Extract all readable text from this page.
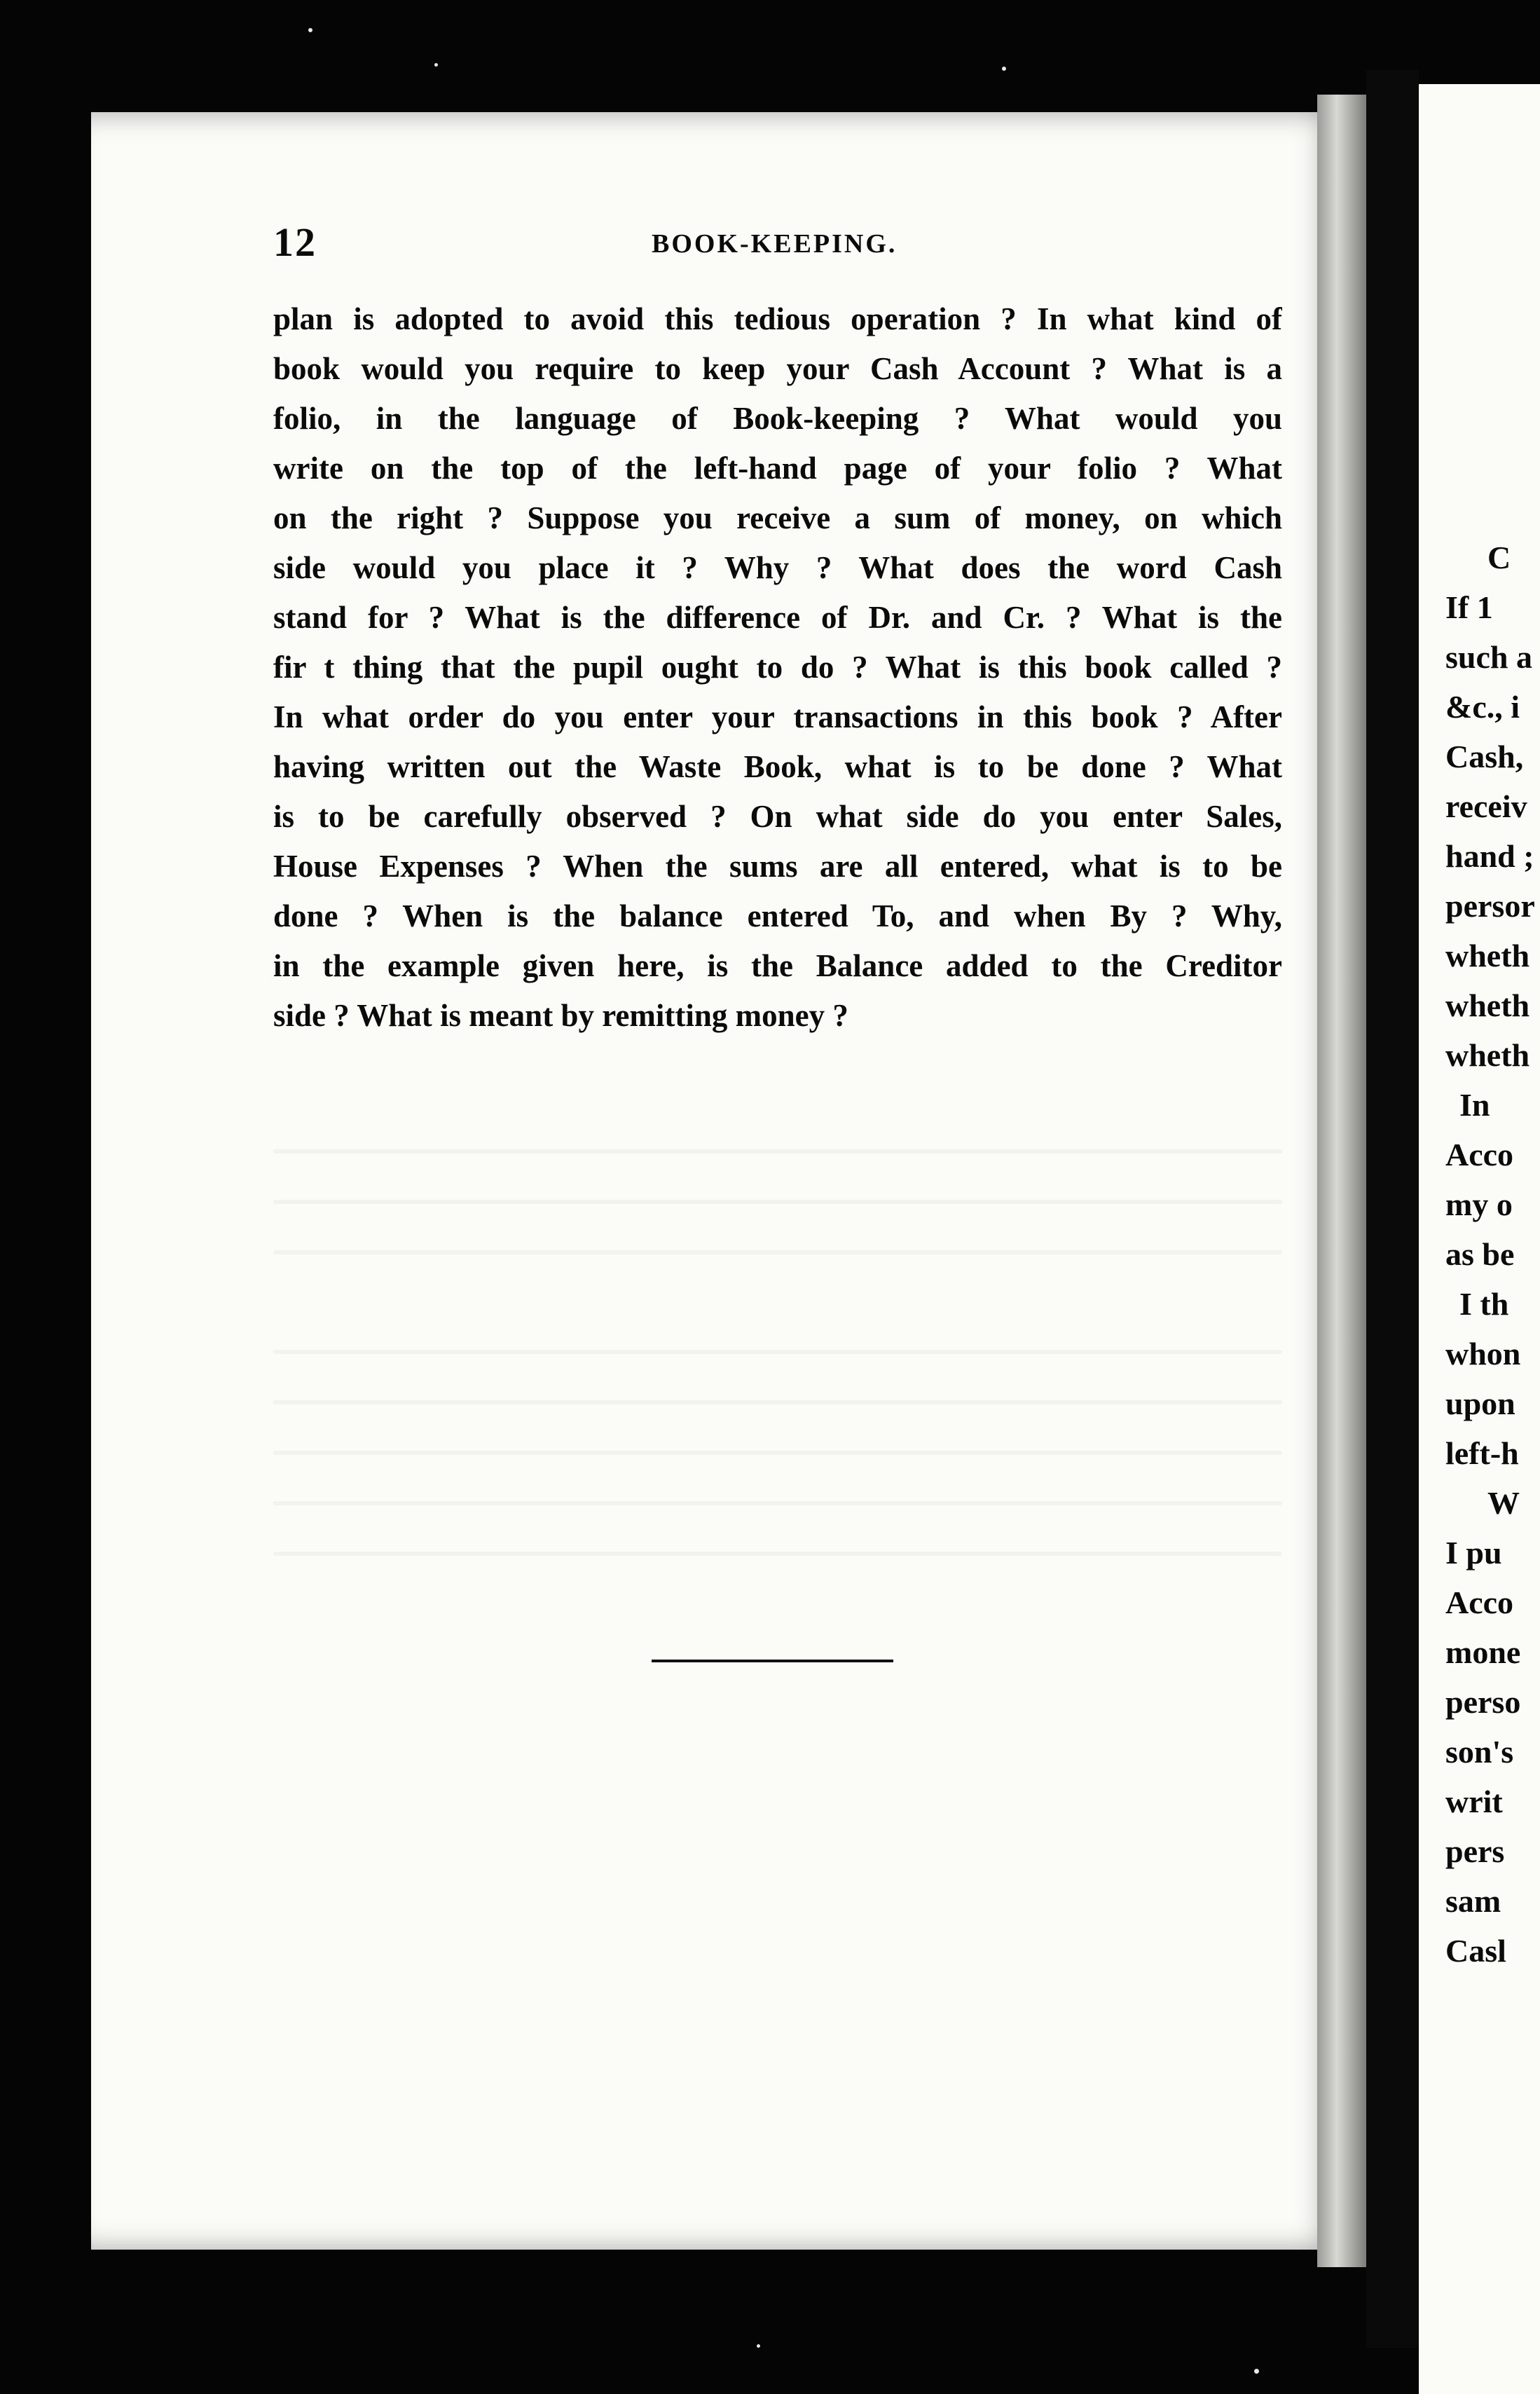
12	BOOK-KEEPING.
plan is adopted to avoid this tedious operation ? In what kind of
book would you require to keep your Cash Account ? What is a
folio, in the language of Book-keeping ? What would you
write on the top of the left-hand page of your folio ? What
on the right ? Suppose you receive a sum of money, on which
side would you place it ? Why ? What does the word Cash
stand for ? What is the difference of Dr. and Cr. ? What is the
fir t thing that the pupil ought to do ? What is this book called ?
In what order do you enter your transactions in this book ? After
having written out the Waste Book, what is to be done ? What
is to be carefully observed ? On what side do you enter Sales,
House Expenses ? When the sums are all entered, what is to be
done ? When is the balance entered To, and when By ? Why,
in the example given here, is the Balance added to the Creditor
side ? What is meant by remitting money ?
C
If 1
such a
&c., i
Cash,
receiv
hand ;
persor
wheth
wheth
wheth
In
Acco
my o
as be
I th
whon
upon
left-h
W
I pu
Acco
mone
perso
son's
writ
pers
sam
Casl
